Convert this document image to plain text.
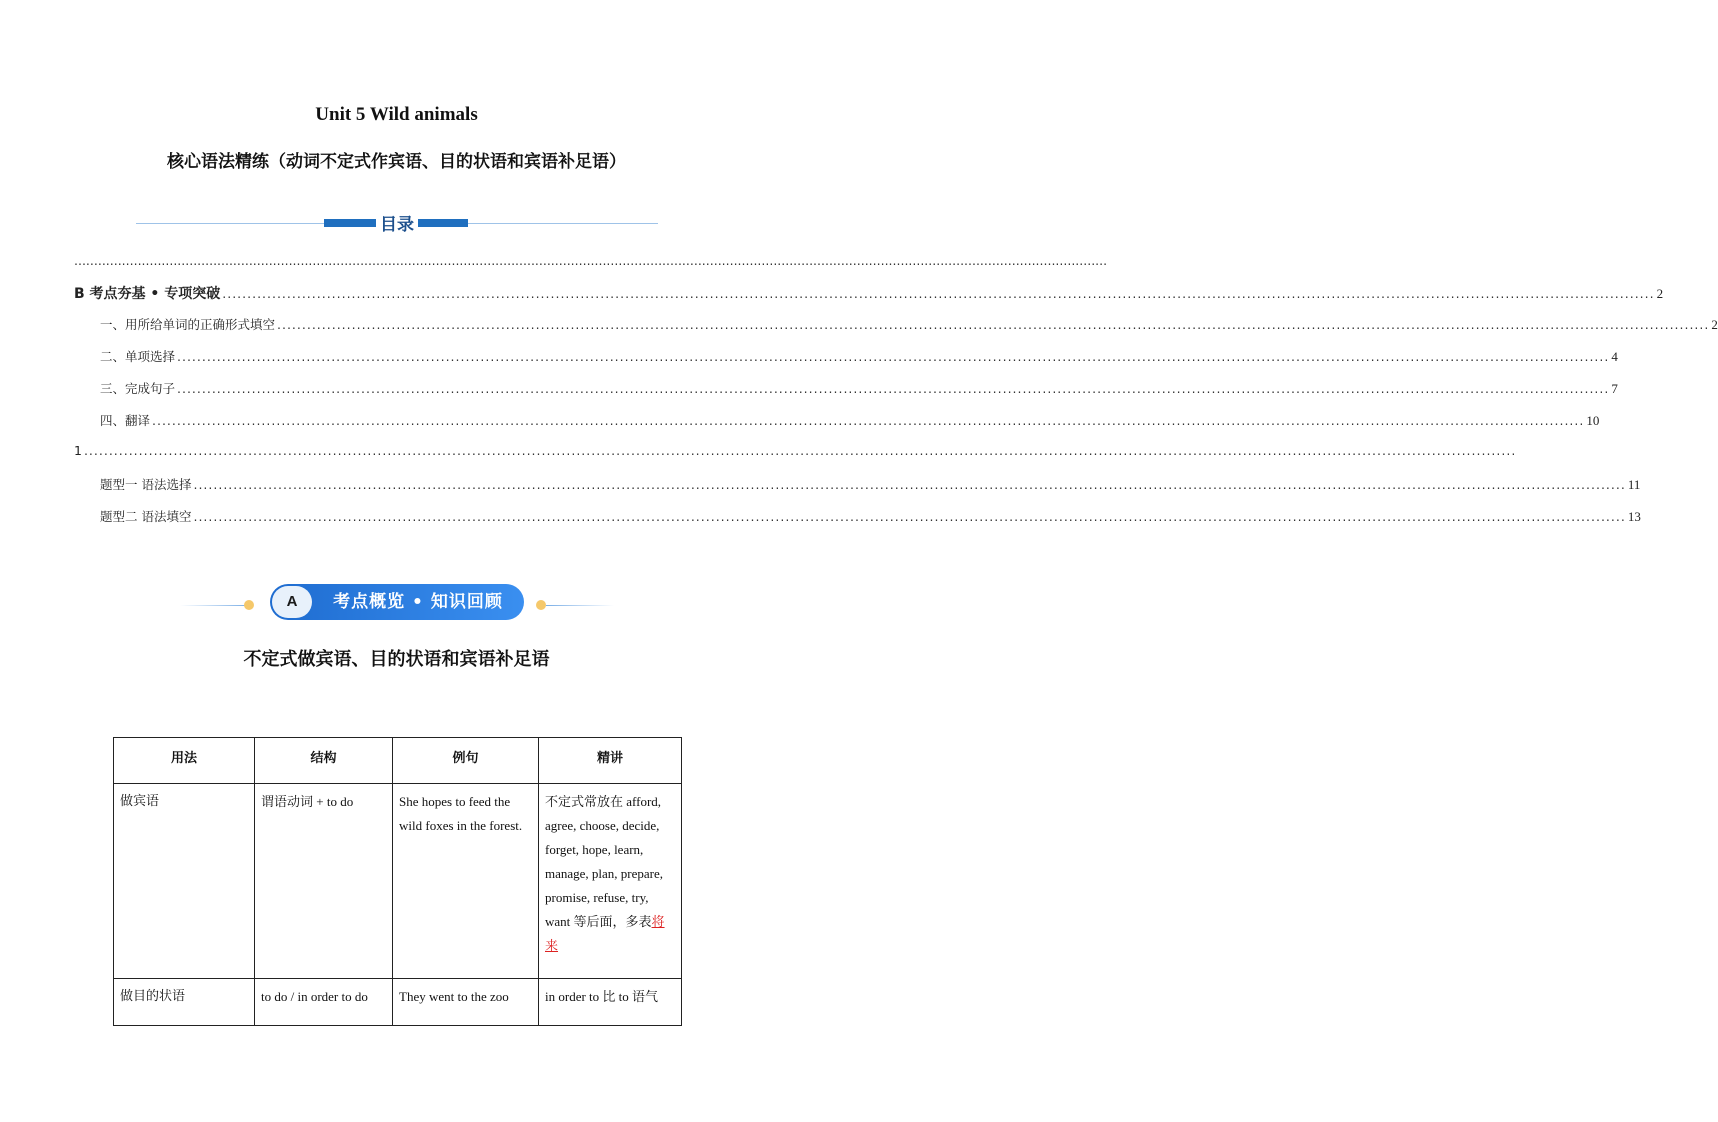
Unit 5 Wild animals
核心语法精练（动词不定式作宾语、目的状语和宾语补足语）
目录
....................................................................................................................................................................................................................................................................
B 考点夯基 • 专项突破 .....	2
一、用所给单词的正确形式填空 .....	2
二、单项选择 .....	4
三、完成句子 .....	7
四、翻译 .....	10
1
.....
题型一 语法选择 .....	11
题型二 语法填空 .....	13
A	考点概览 • 知识回顾
不定式做宾语、目的状语和宾语补足语
用法	结构	例句	精讲
做宾语	谓语动词 + to do	She hopes to feed the wild foxes in the forest.	不定式常放在 afford, agree, choose, decide, forget, hope, learn, manage, plan, prepare, promise, refuse, try, want 等后面，多表将来
做目的状语	to do / in order to do	They went to the zoo	in order to 比 to 语气
